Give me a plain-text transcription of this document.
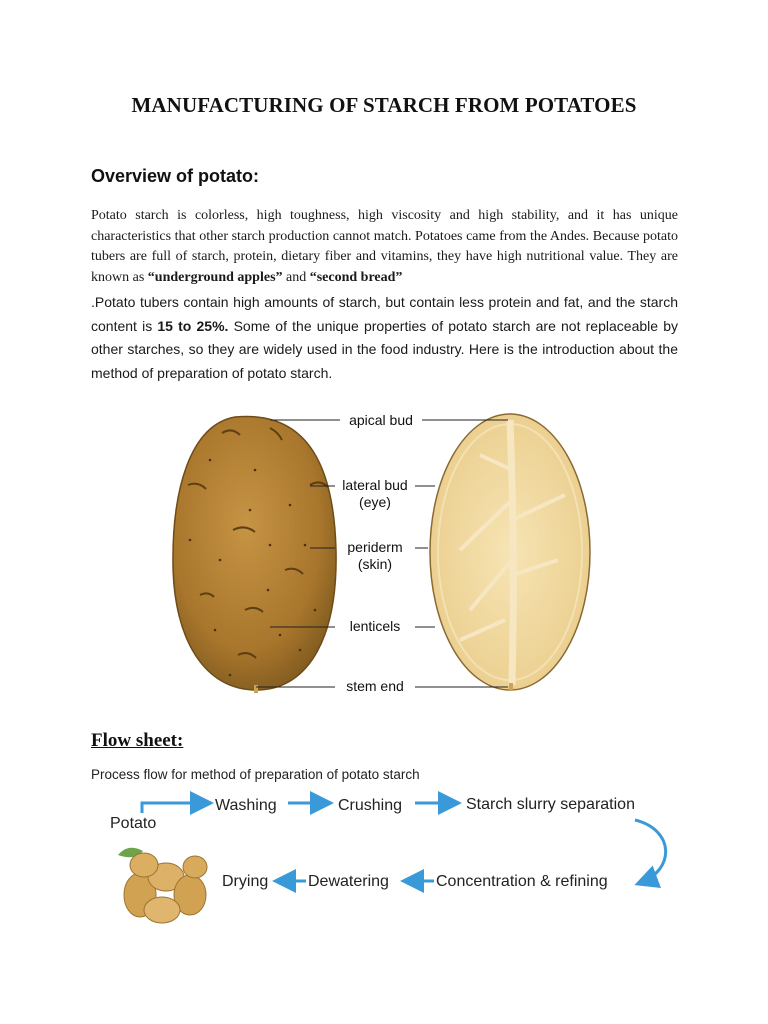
MANUFACTURING OF STARCH FROM POTATOES
Overview of potato:

Potato starch is colorless, high toughness, high viscosity and high stability, and it has unique characteristics that other starch production cannot match. Potatoes came from the Andes. Because potato tubers are full of starch, protein, dietary fiber and vitamins, they have high nutritional value. They are known as “underground apples” and “second bread”

.Potato tubers contain high amounts of starch, but contain less protein and fat, and the starch content is 15 to 25%. Some of the unique properties of potato starch are not replaceable by other starches, so they are widely used in the food industry. Here is the introduction about the method of preparation of potato starch.

apical bud
lateral bud
(eye)
periderm
(skin)
lenticels
stem end
Flow sheet:

Process flow for method of preparation of potato starch

Potato
Washing	Crushing	Starch slurry separation
Concentration & refining
Dewatering
Drying
